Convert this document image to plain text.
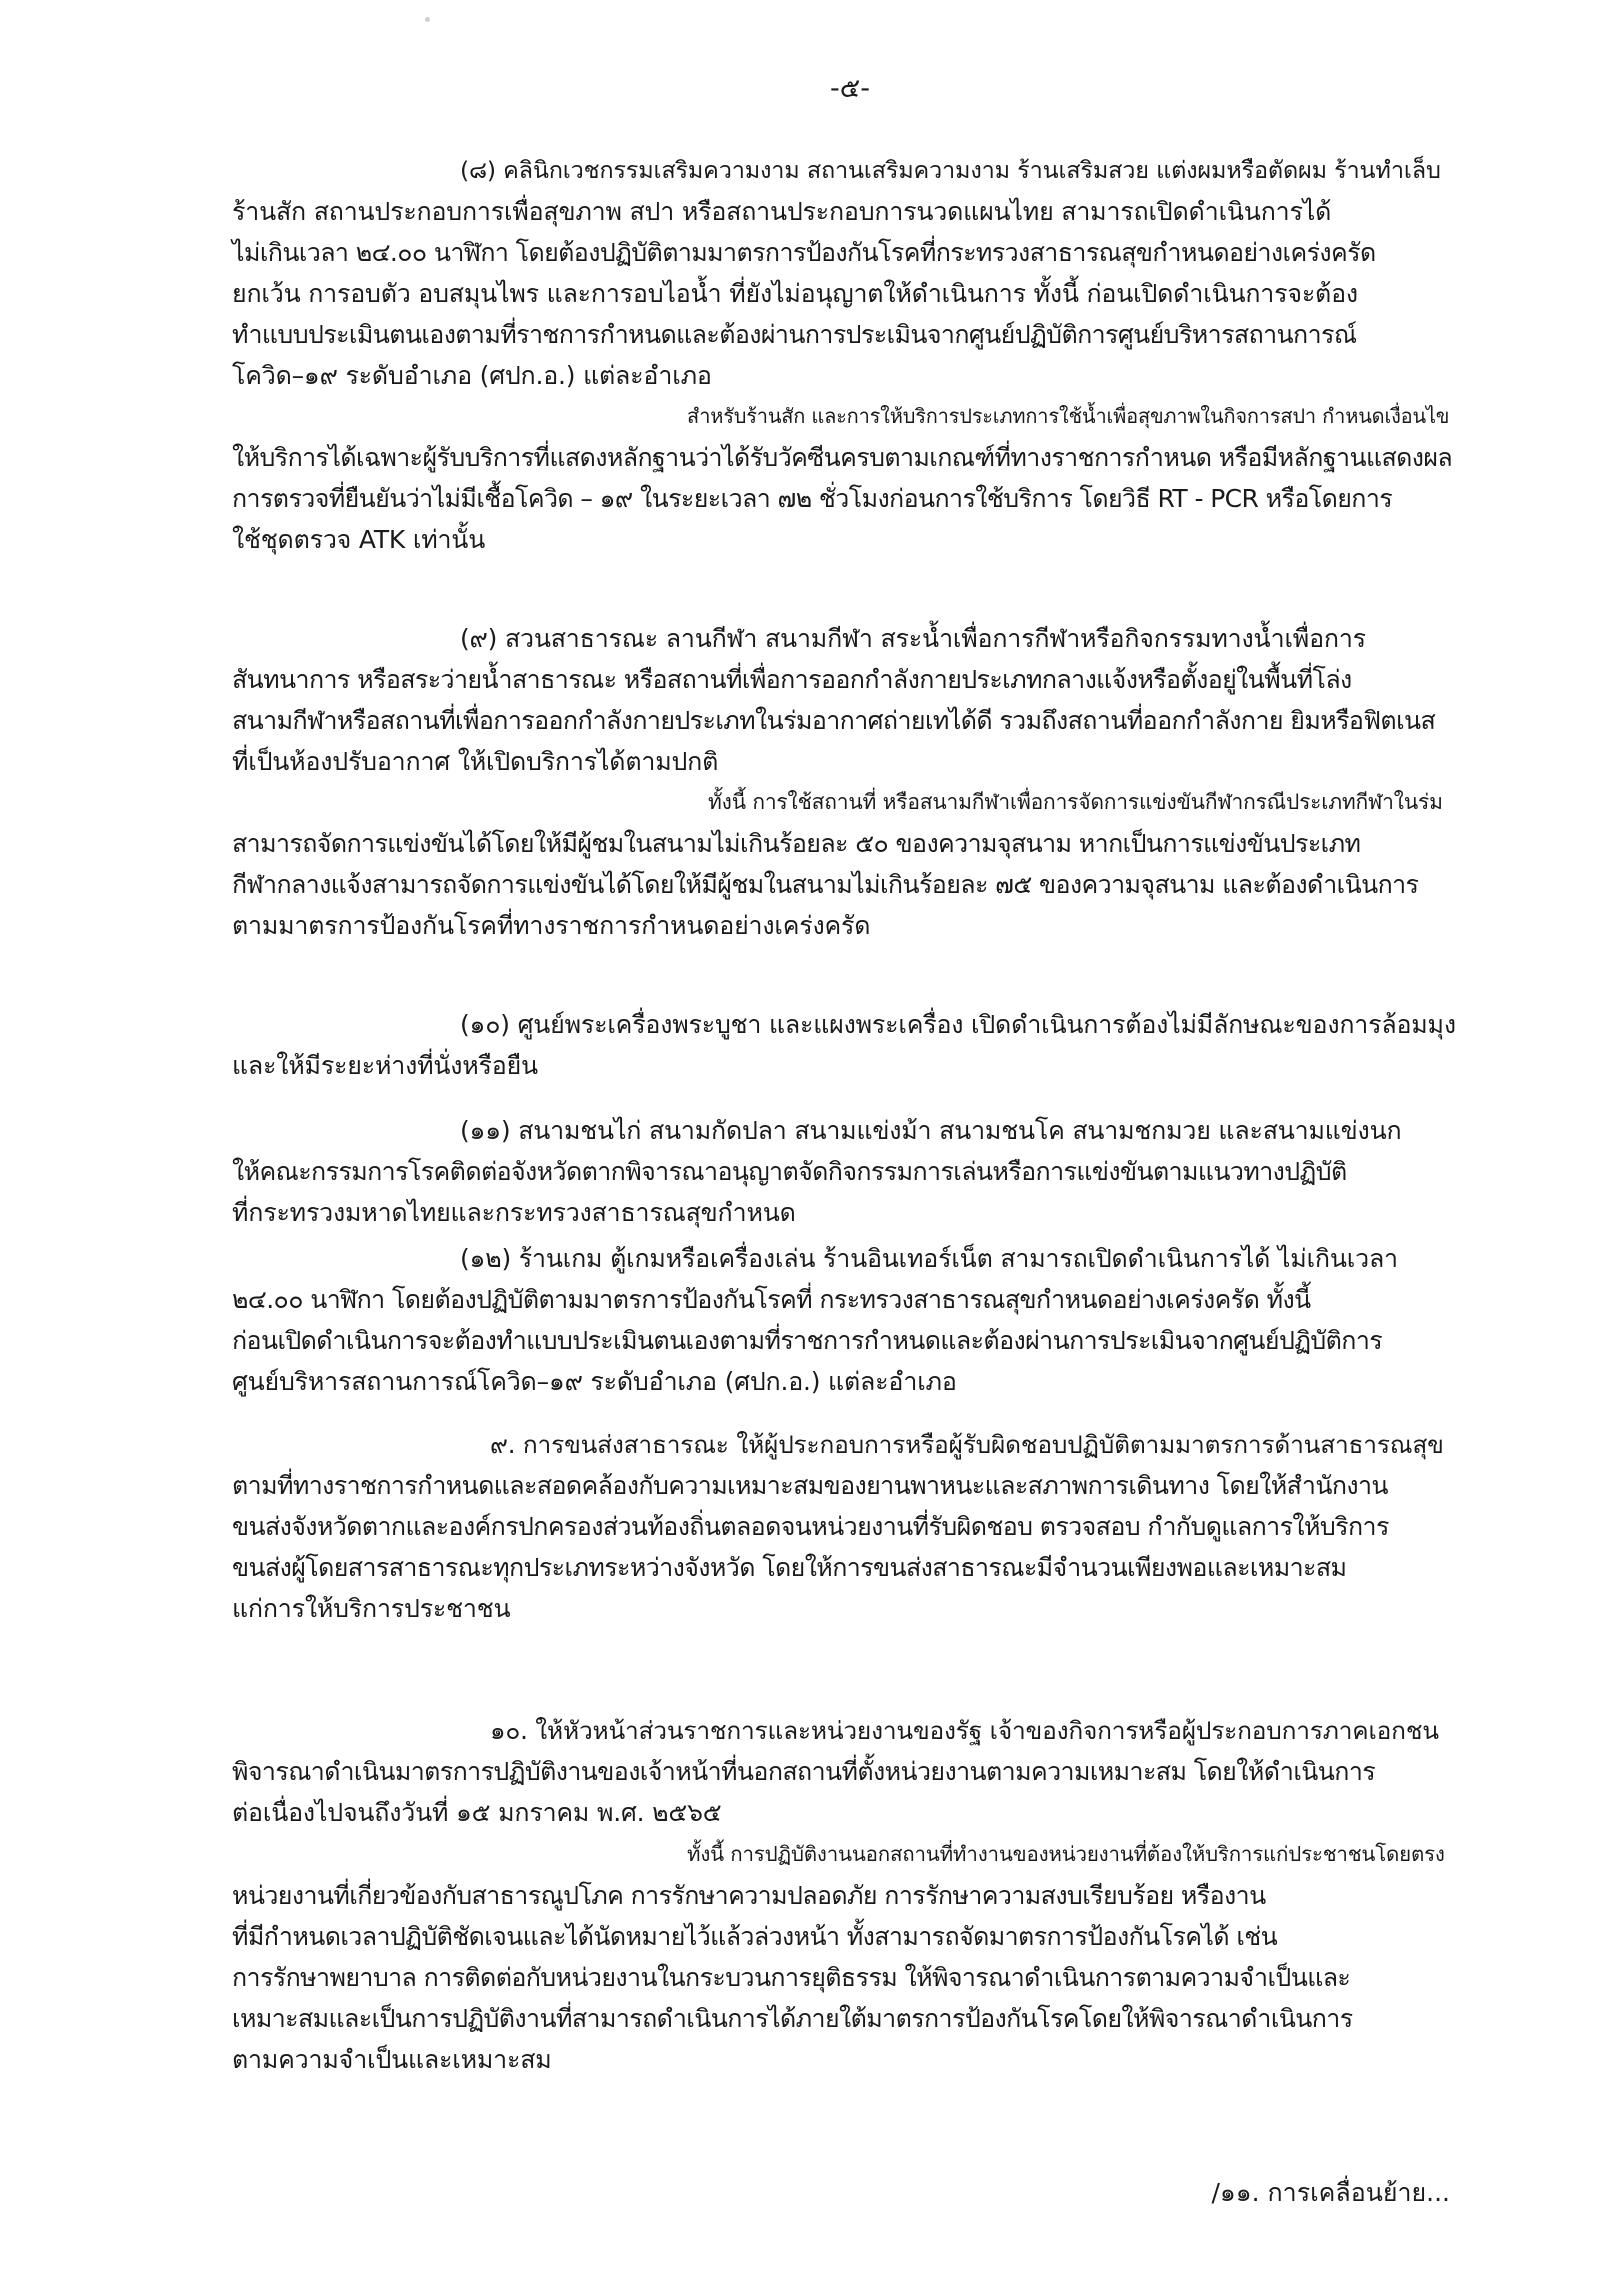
-๕-
(๘) คลินิกเวชกรรมเสริมความงาม สถานเสริมความงาม ร้านเสริมสวย แต่งผมหรือตัดผม ร้านทำเล็บ
ร้านสัก สถานประกอบการเพื่อสุขภาพ สปา หรือสถานประกอบการนวดแผนไทย สามารถเปิดดำเนินการได้
ไม่เกินเวลา ๒๔.๐๐ นาฬิกา โดยต้องปฏิบัติตามมาตรการป้องกันโรคที่กระทรวงสาธารณสุขกำหนดอย่างเคร่งครัด
ยกเว้น การอบตัว อบสมุนไพร และการอบไอน้ำ ที่ยังไม่อนุญาตให้ดำเนินการ ทั้งนี้ ก่อนเปิดดำเนินการจะต้อง
ทำแบบประเมินตนเองตามที่ราชการกำหนดและต้องผ่านการประเมินจากศูนย์ปฏิบัติการศูนย์บริหารสถานการณ์
โควิด–๑๙ ระดับอำเภอ (ศปก.อ.) แต่ละอำเภอ
สำหรับร้านสัก และการให้บริการประเภทการใช้น้ำเพื่อสุขภาพในกิจการสปา กำหนดเงื่อนไข
ให้บริการได้เฉพาะผู้รับบริการที่แสดงหลักฐานว่าได้รับวัคซีนครบตามเกณฑ์ที่ทางราชการกำหนด หรือมีหลักฐานแสดงผล
การตรวจที่ยืนยันว่าไม่มีเชื้อโควิด – ๑๙ ในระยะเวลา ๗๒ ชั่วโมงก่อนการใช้บริการ โดยวิธี RT - PCR หรือโดยการ
ใช้ชุดตรวจ ATK เท่านั้น
(๙) สวนสาธารณะ ลานกีฬา สนามกีฬา สระน้ำเพื่อการกีฬาหรือกิจกรรมทางน้ำเพื่อการ
สันทนาการ หรือสระว่ายน้ำสาธารณะ หรือสถานที่เพื่อการออกกำลังกายประเภทกลางแจ้งหรือตั้งอยู่ในพื้นที่โล่ง
สนามกีฬาหรือสถานที่เพื่อการออกกำลังกายประเภทในร่มอากาศถ่ายเทได้ดี รวมถึงสถานที่ออกกำลังกาย ยิมหรือฟิตเนส
ที่เป็นห้องปรับอากาศ ให้เปิดบริการได้ตามปกติ
ทั้งนี้ การใช้สถานที่ หรือสนามกีฬาเพื่อการจัดการแข่งขันกีฬากรณีประเภทกีฬาในร่ม
สามารถจัดการแข่งขันได้โดยให้มีผู้ชมในสนามไม่เกินร้อยละ ๕๐ ของความจุสนาม หากเป็นการแข่งขันประเภท
กีฬากลางแจ้งสามารถจัดการแข่งขันได้โดยให้มีผู้ชมในสนามไม่เกินร้อยละ ๗๕ ของความจุสนาม และต้องดำเนินการ
ตามมาตรการป้องกันโรคที่ทางราชการกำหนดอย่างเคร่งครัด
(๑๐) ศูนย์พระเครื่องพระบูชา และแผงพระเครื่อง เปิดดำเนินการต้องไม่มีลักษณะของการล้อมมุง
และให้มีระยะห่างที่นั่งหรือยืน
(๑๑) สนามชนไก่ สนามกัดปลา สนามแข่งม้า สนามชนโค สนามชกมวย และสนามแข่งนก
ให้คณะกรรมการโรคติดต่อจังหวัดตากพิจารณาอนุญาตจัดกิจกรรมการเล่นหรือการแข่งขันตามแนวทางปฏิบัติ
ที่กระทรวงมหาดไทยและกระทรวงสาธารณสุขกำหนด
(๑๒) ร้านเกม ตู้เกมหรือเครื่องเล่น ร้านอินเทอร์เน็ต สามารถเปิดดำเนินการได้ ไม่เกินเวลา
๒๔.๐๐ นาฬิกา โดยต้องปฏิบัติตามมาตรการป้องกันโรคที่ กระทรวงสาธารณสุขกำหนดอย่างเคร่งครัด ทั้งนี้
ก่อนเปิดดำเนินการจะต้องทำแบบประเมินตนเองตามที่ราชการกำหนดและต้องผ่านการประเมินจากศูนย์ปฏิบัติการ
ศูนย์บริหารสถานการณ์โควิด–๑๙ ระดับอำเภอ (ศปก.อ.) แต่ละอำเภอ
๙. การขนส่งสาธารณะ ให้ผู้ประกอบการหรือผู้รับผิดชอบปฏิบัติตามมาตรการด้านสาธารณสุข
ตามที่ทางราชการกำหนดและสอดคล้องกับความเหมาะสมของยานพาหนะและสภาพการเดินทาง โดยให้สำนักงาน
ขนส่งจังหวัดตากและองค์กรปกครองส่วนท้องถิ่นตลอดจนหน่วยงานที่รับผิดชอบ ตรวจสอบ กำกับดูแลการให้บริการ
ขนส่งผู้โดยสารสาธารณะทุกประเภทระหว่างจังหวัด โดยให้การขนส่งสาธารณะมีจำนวนเพียงพอและเหมาะสม
แก่การให้บริการประชาชน
๑๐. ให้หัวหน้าส่วนราชการและหน่วยงานของรัฐ เจ้าของกิจการหรือผู้ประกอบการภาคเอกชน
พิจารณาดำเนินมาตรการปฏิบัติงานของเจ้าหน้าที่นอกสถานที่ตั้งหน่วยงานตามความเหมาะสม โดยให้ดำเนินการ
ต่อเนื่องไปจนถึงวันที่ ๑๕ มกราคม พ.ศ. ๒๕๖๕
ทั้งนี้ การปฏิบัติงานนอกสถานที่ทำงานของหน่วยงานที่ต้องให้บริการแก่ประชาชนโดยตรง
หน่วยงานที่เกี่ยวข้องกับสาธารณูปโภค การรักษาความปลอดภัย การรักษาความสงบเรียบร้อย หรืองาน
ที่มีกำหนดเวลาปฏิบัติชัดเจนและได้นัดหมายไว้แล้วล่วงหน้า ทั้งสามารถจัดมาตรการป้องกันโรคได้ เช่น
การรักษาพยาบาล การติดต่อกับหน่วยงานในกระบวนการยุติธรรม ให้พิจารณาดำเนินการตามความจำเป็นและ
เหมาะสมและเป็นการปฏิบัติงานที่สามารถดำเนินการได้ภายใต้มาตรการป้องกันโรคโดยให้พิจารณาดำเนินการ
ตามความจำเป็นและเหมาะสม
/๑๑. การเคลื่อนย้าย...
